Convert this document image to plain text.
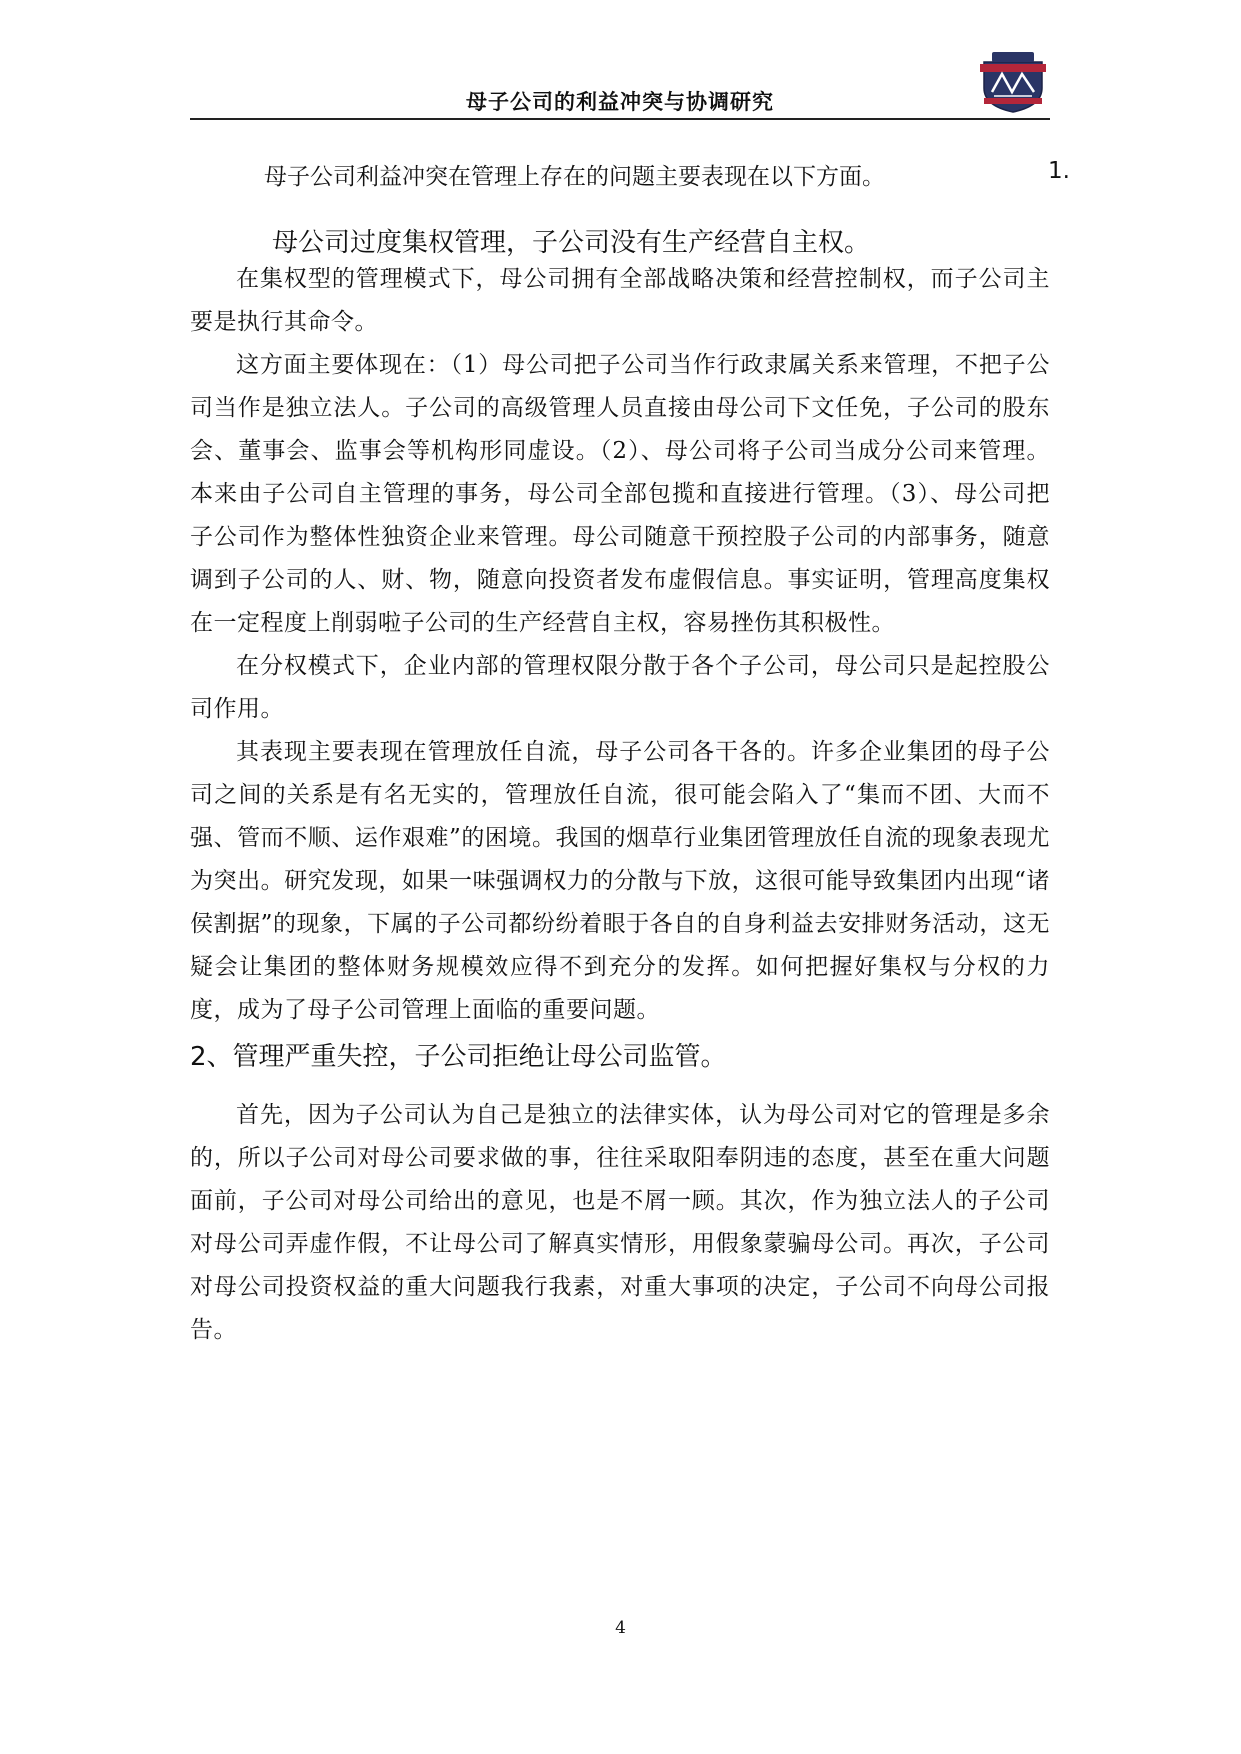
母子公司的利益冲突与协调研究
母子公司利益冲突在管理上存在的问题主要表现在以下方面。	1.
母公司过度集权管理，子公司没有生产经营自主权。

在集权型的管理模式下，母公司拥有全部战略决策和经营控制权，而子公司主要是执行其命令。

这方面主要体现在：（1）母公司把子公司当作行政隶属关系来管理，不把子公司当作是独立法人。子公司的高级管理人员直接由母公司下文任免，子公司的股东会、董事会、监事会等机构形同虚设。（2）、母公司将子公司当成分公司来管理。本来由子公司自主管理的事务，母公司全部包揽和直接进行管理。（3）、母公司把子公司作为整体性独资企业来管理。母公司随意干预控股子公司的内部事务，随意调到子公司的人、财、物，随意向投资者发布虚假信息。事实证明，管理高度集权在一定程度上削弱啦子公司的生产经营自主权，容易挫伤其积极性。

在分权模式下，企业内部的管理权限分散于各个子公司，母公司只是起控股公司作用。

其表现主要表现在管理放任自流，母子公司各干各的。许多企业集团的母子公司之间的关系是有名无实的，管理放任自流，很可能会陷入了“集而不团、大而不强、管而不顺、运作艰难”的困境。我国的烟草行业集团管理放任自流的现象表现尤为突出。研究发现，如果一味强调权力的分散与下放，这很可能导致集团内出现“诸侯割据”的现象，下属的子公司都纷纷着眼于各自的自身利益去安排财务活动，这无疑会让集团的整体财务规模效应得不到充分的发挥。如何把握好集权与分权的力度，成为了母子公司管理上面临的重要问题。

2、管理严重失控，子公司拒绝让母公司监管。

首先，因为子公司认为自己是独立的法律实体，认为母公司对它的管理是多余的，所以子公司对母公司要求做的事，往往采取阳奉阴违的态度，甚至在重大问题面前，子公司对母公司给出的意见，也是不屑一顾。其次，作为独立法人的子公司对母公司弄虚作假，不让母公司了解真实情形，用假象蒙骗母公司。再次，子公司对母公司投资权益的重大问题我行我素，对重大事项的决定，子公司不向母公司报告。

4
